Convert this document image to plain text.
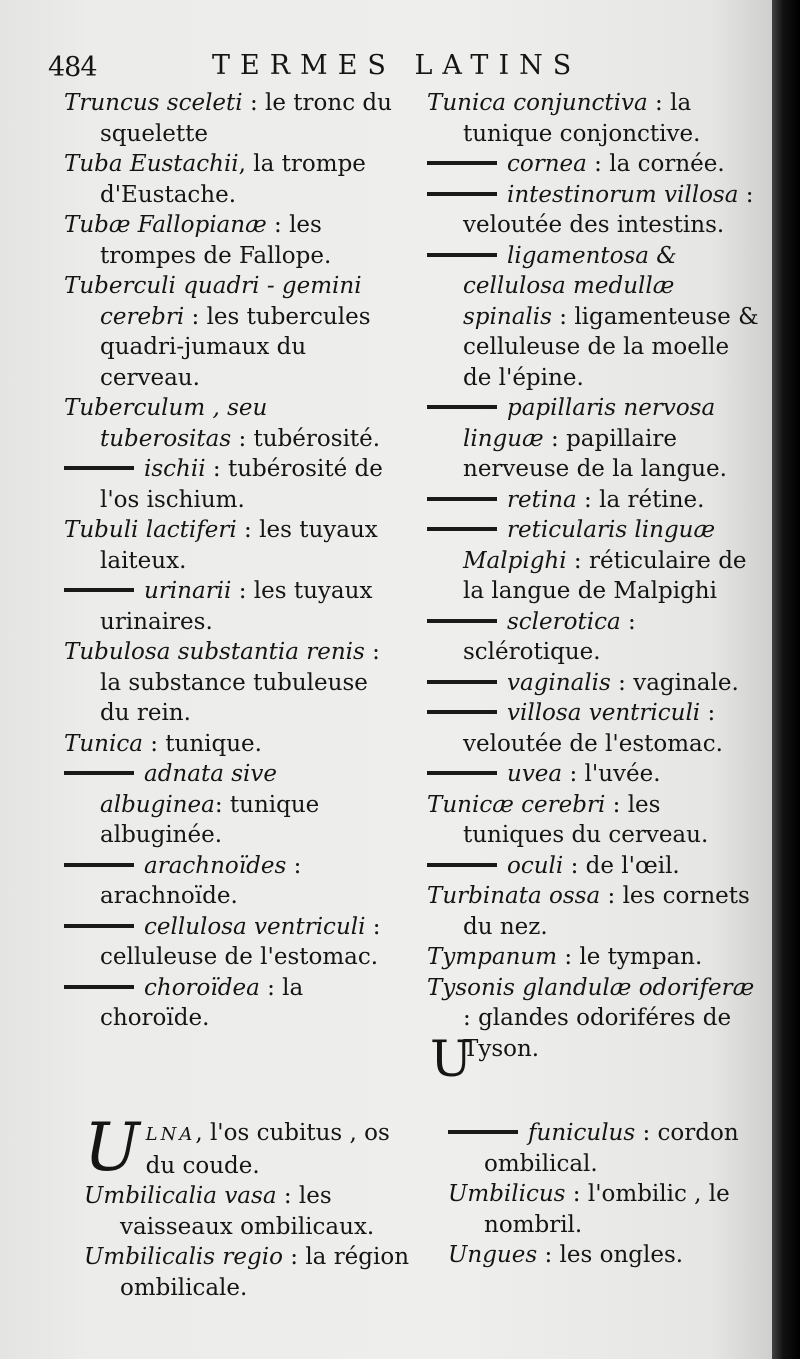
484	TERMES LATINS

Truncus sceleti : le tronc du squelette

Tuba Eustachii, la trompe d'Eustache.

Tubæ Fallopianæ : les trompes de Fallope.

Tuberculi quadri - gemini cerebri : les tubercules quadri-jumaux du cerveau.

Tuberculum , seu tuberositas : tubérosité.

ischii : tubérosité de l'os ischium.

Tubuli lactiferi : les tuyaux laiteux.

urinarii : les tuyaux urinaires.

Tubulosa substantia renis : la substance tubuleuse du rein.

Tunica : tunique.

adnata sive albuginea: tunique albuginée.

arachnoïdes : arachnoïde.

cellulosa ventriculi : celluleuse de l'estomac.

choroïdea : la choroïde.

Tunica conjunctiva : la tunique conjonctive.

cornea : la cornée.

intestinorum villosa : veloutée des intestins.

ligamentosa & cellulosa medullæ spinalis : ligamenteuse & celluleuse de la moelle de l'épine.

papillaris nervosa linguæ : papillaire nerveuse de la langue.

retina : la rétine.

reticularis linguæ Malpighi : réticulaire de la langue de Malpighi

sclerotica : sclérotique.

vaginalis : vaginale.

villosa ventriculi : veloutée de l'estomac.

uvea : l'uvée.

Tunicæ cerebri : les tuniques du cerveau.

oculi : de l'œil.

Turbinata ossa : les cornets du nez.

Tympanum : le tympan.

Tysonis glandulæ odoriferæ : glandes odoriféres de Tyson.

U
ULNA, l'os cubitus , os du coude.

Umbilicalia vasa : les vaisseaux ombilicaux.

Umbilicalis regio : la région ombilicale.

funiculus : cordon ombilical.

Umbilicus : l'ombilic , le nombril.

Ungues : les ongles.
